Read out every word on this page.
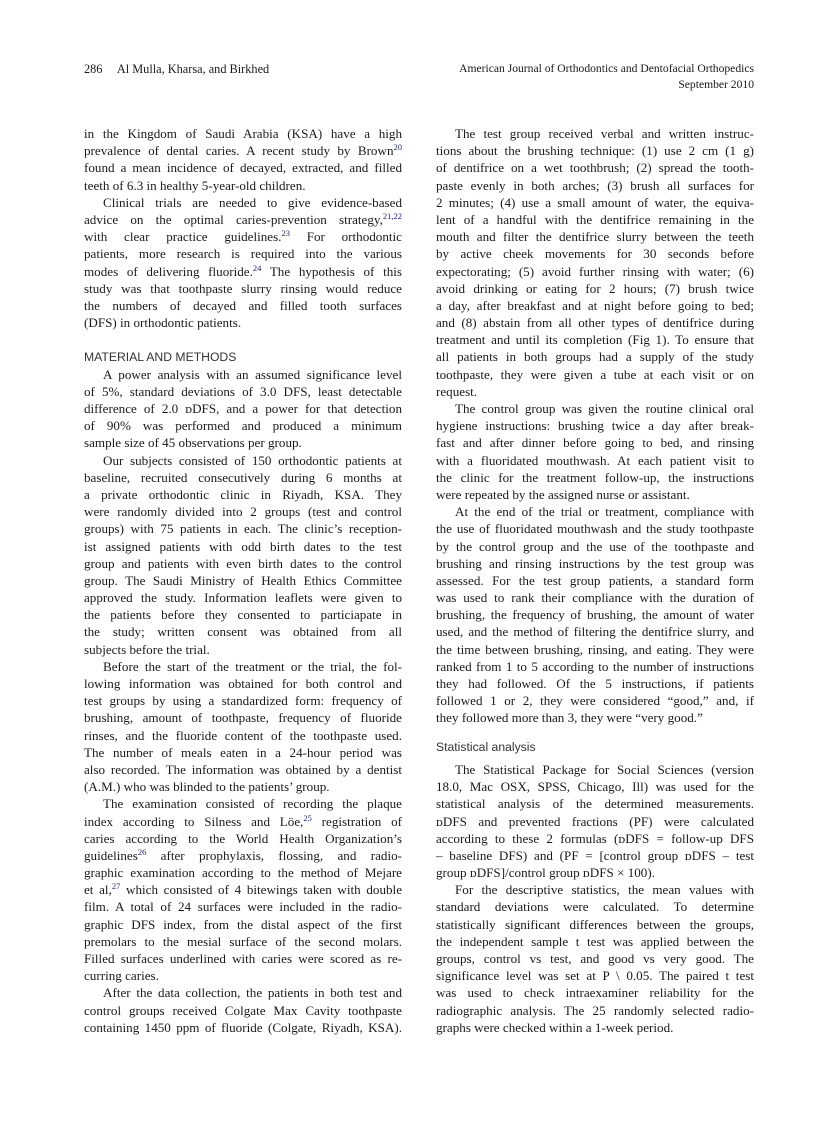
286 Al Mulla, Kharsa, and Birkhed	American Journal of Orthodontics and Dentofacial Orthopedics
September 2010
in the Kingdom of Saudi Arabia (KSA) have a high
prevalence of dental caries. A recent study by Brown$^{20}$
found a mean incidence of decayed, extracted, and filled
teeth of 6.3 in healthy 5-year-old children.
Clinical trials are needed to give evidence-based
advice on the optimal caries-prevention strategy,$^{21,22}$
with clear practice guidelines.$^{23}$ For orthodontic
patients, more research is required into the various
modes of delivering fluoride.$^{24}$ The hypothesis of this
study was that toothpaste slurry rinsing would reduce
the numbers of decayed and filled tooth surfaces
(DFS) in orthodontic patients.
MATERIAL AND METHODS
A power analysis with an assumed significance level
of 5%, standard deviations of 3.0 DFS, least detectable
difference of 2.0 ᴅDFS, and a power for that detection
of 90% was performed and produced a minimum
sample size of 45 observations per group.
Our subjects consisted of 150 orthodontic patients at
baseline, recruited consecutively during 6 months at
a private orthodontic clinic in Riyadh, KSA. They
were randomly divided into 2 groups (test and control
groups) with 75 patients in each. The clinic’s reception-
ist assigned patients with odd birth dates to the test
group and patients with even birth dates to the control
group. The Saudi Ministry of Health Ethics Committee
approved the study. Information leaflets were given to
the patients before they consented to particiapate in
the study; written consent was obtained from all
subjects before the trial.
Before the start of the treatment or the trial, the fol-
lowing information was obtained for both control and
test groups by using a standardized form: frequency of
brushing, amount of toothpaste, frequency of fluoride
rinses, and the fluoride content of the toothpaste used.
The number of meals eaten in a 24-hour period was
also recorded. The information was obtained by a dentist
(A.M.) who was blinded to the patients’ group.
The examination consisted of recording the plaque
index according to Silness and Löe,$^{25}$ registration of
caries according to the World Health Organization’s
guidelines$^{26}$ after prophylaxis, flossing, and radio-
graphic examination according to the method of Mejare
et al,$^{27}$ which consisted of 4 bitewings taken with double
film. A total of 24 surfaces were included in the radio-
graphic DFS index, from the distal aspect of the first
premolars to the mesial surface of the second molars.
Filled surfaces underlined with caries were scored as re-
curring caries.
After the data collection, the patients in both test and
control groups received Colgate Max Cavity toothpaste
containing 1450 ppm of fluoride (Colgate, Riyadh, KSA).
The test group received verbal and written instruc-
tions about the brushing technique: (1) use 2 cm (1 g)
of dentifrice on a wet toothbrush; (2) spread the tooth-
paste evenly in both arches; (3) brush all surfaces for
2 minutes; (4) use a small amount of water, the equiva-
lent of a handful with the dentifrice remaining in the
mouth and filter the dentifrice slurry between the teeth
by active cheek movements for 30 seconds before
expectorating; (5) avoid further rinsing with water; (6)
avoid drinking or eating for 2 hours; (7) brush twice
a day, after breakfast and at night before going to bed;
and (8) abstain from all other types of dentifrice during
treatment and until its completion (Fig 1). To ensure that
all patients in both groups had a supply of the study
toothpaste, they were given a tube at each visit or on
request.
The control group was given the routine clinical oral
hygiene instructions: brushing twice a day after break-
fast and after dinner before going to bed, and rinsing
with a fluoridated mouthwash. At each patient visit to
the clinic for the treatment follow-up, the instructions
were repeated by the assigned nurse or assistant.
At the end of the trial or treatment, compliance with
the use of fluoridated mouthwash and the study toothpaste
by the control group and the use of the toothpaste and
brushing and rinsing instructions by the test group was
assessed. For the test group patients, a standard form
was used to rank their compliance with the duration of
brushing, the frequency of brushing, the amount of water
used, and the method of filtering the dentifrice slurry, and
the time between brushing, rinsing, and eating. They were
ranked from 1 to 5 according to the number of instructions
they had followed. Of the 5 instructions, if patients
followed 1 or 2, they were considered “good,” and, if
they followed more than 3, they were “very good.”
Statistical analysis
The Statistical Package for Social Sciences (version
18.0, Mac OSX, SPSS, Chicago, Ill) was used for the
statistical analysis of the determined measurements.
ᴅDFS and prevented fractions (PF) were calculated
according to these 2 formulas (ᴅDFS = follow-up DFS
– baseline DFS) and (PF = [control group ᴅDFS – test
group ᴅDFS]/control group ᴅDFS × 100).
For the descriptive statistics, the mean values with
standard deviations were calculated. To determine
statistically significant differences between the groups,
the independent sample t test was applied between the
groups, control vs test, and good vs very good. The
significance level was set at P \ 0.05. The paired t test
was used to check intraexaminer reliability for the
radiographic analysis. The 25 randomly selected radio-
graphs were checked within a 1-week period.
